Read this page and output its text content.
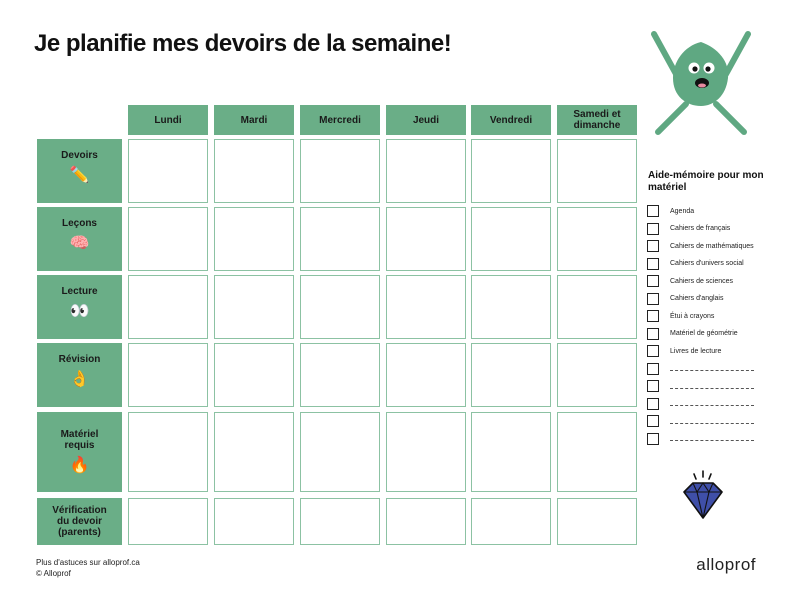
Je planifie mes devoirs de la semaine!
Lundi	Mardi	Mercredi	Jeudi	Vendredi	Samedi et dimanche
Devoirs
✏️
Leçons
🧠
Lecture
👀
Révision
👌
Matériel requis
🔥
Vérification du devoir (parents)
Aide-mémoire pour mon matériel
Agenda
Cahiers de français
Cahiers de mathématiques
Cahiers d'univers social
Cahiers de sciences
Cahiers d'anglais
Étui à crayons
Matériel de géométrie
Livres de lecture
Plus d'astuces sur alloprof.ca
© Alloprof	alloprof
